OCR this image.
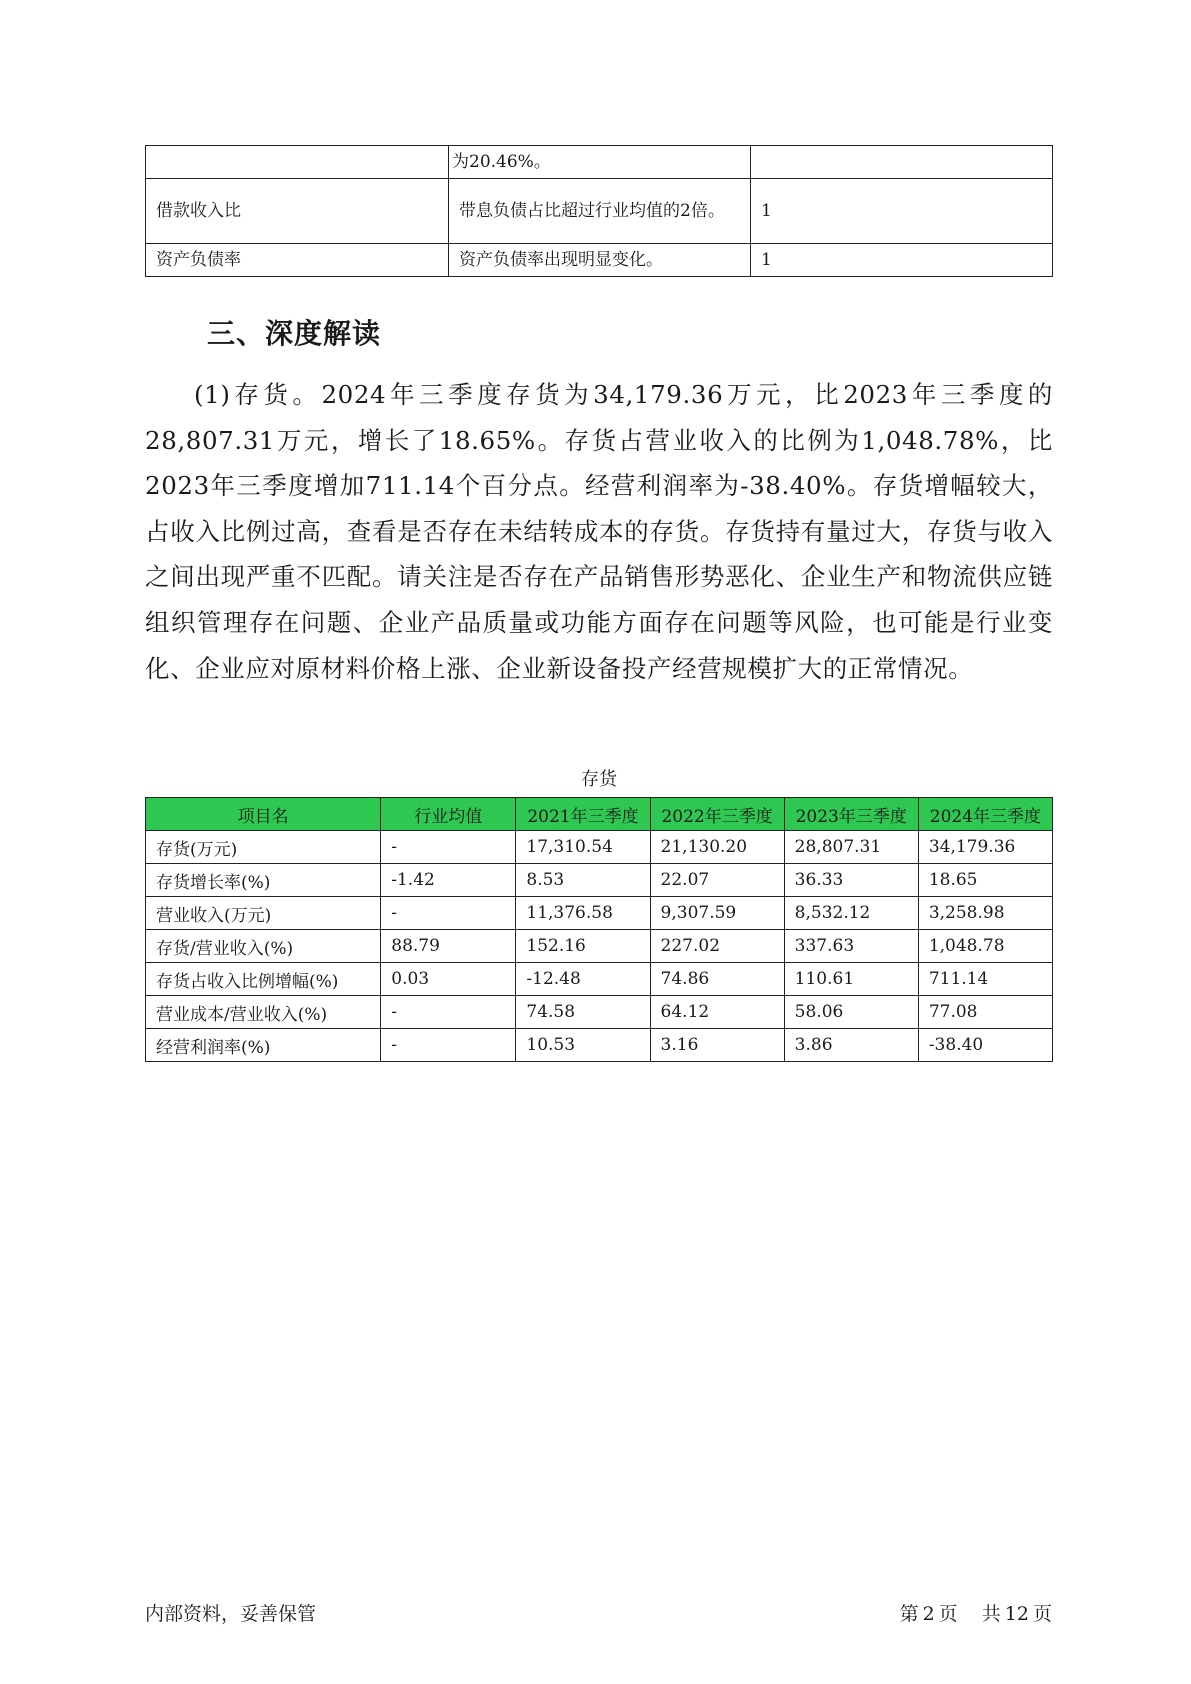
	为20.46%。	
借款收入比	带息负债占比超过行业均值的2倍。	1
资产负债率	资产负债率出现明显变化。	1
三、深度解读

(1)存货。2024年三季度存货为34,179.36万元，比2023年三季度的28,807.31万元，增长了18.65%。存货占营业收入的比例为1,048.78%，比2023年三季度增加711.14个百分点。经营利润率为-38.40%。存货增幅较大，占收入比例过高，查看是否存在未结转成本的存货。存货持有量过大，存货与收入之间出现严重不匹配。请关注是否存在产品销售形势恶化、企业生产和物流供应链组织管理存在问题、企业产品质量或功能方面存在问题等风险，也可能是行业变化、企业应对原材料价格上涨、企业新设备投产经营规模扩大的正常情况。

存货
项目名	行业均值	2021年三季度	2022年三季度	2023年三季度	2024年三季度
存货(万元)	-	17,310.54	21,130.20	28,807.31	34,179.36
存货增长率(%)	-1.42	8.53	22.07	36.33	18.65
营业收入(万元)	-	11,376.58	9,307.59	8,532.12	3,258.98
存货/营业收入(%)	88.79	152.16	227.02	337.63	1,048.78
存货占收入比例增幅(%)	0.03	-12.48	74.86	110.61	711.14
营业成本/营业收入(%)	-	74.58	64.12	58.06	77.08
经营利润率(%)	-	10.53	3.16	3.86	-38.40
内部资料，妥善保管	第 2 页 共 12 页
